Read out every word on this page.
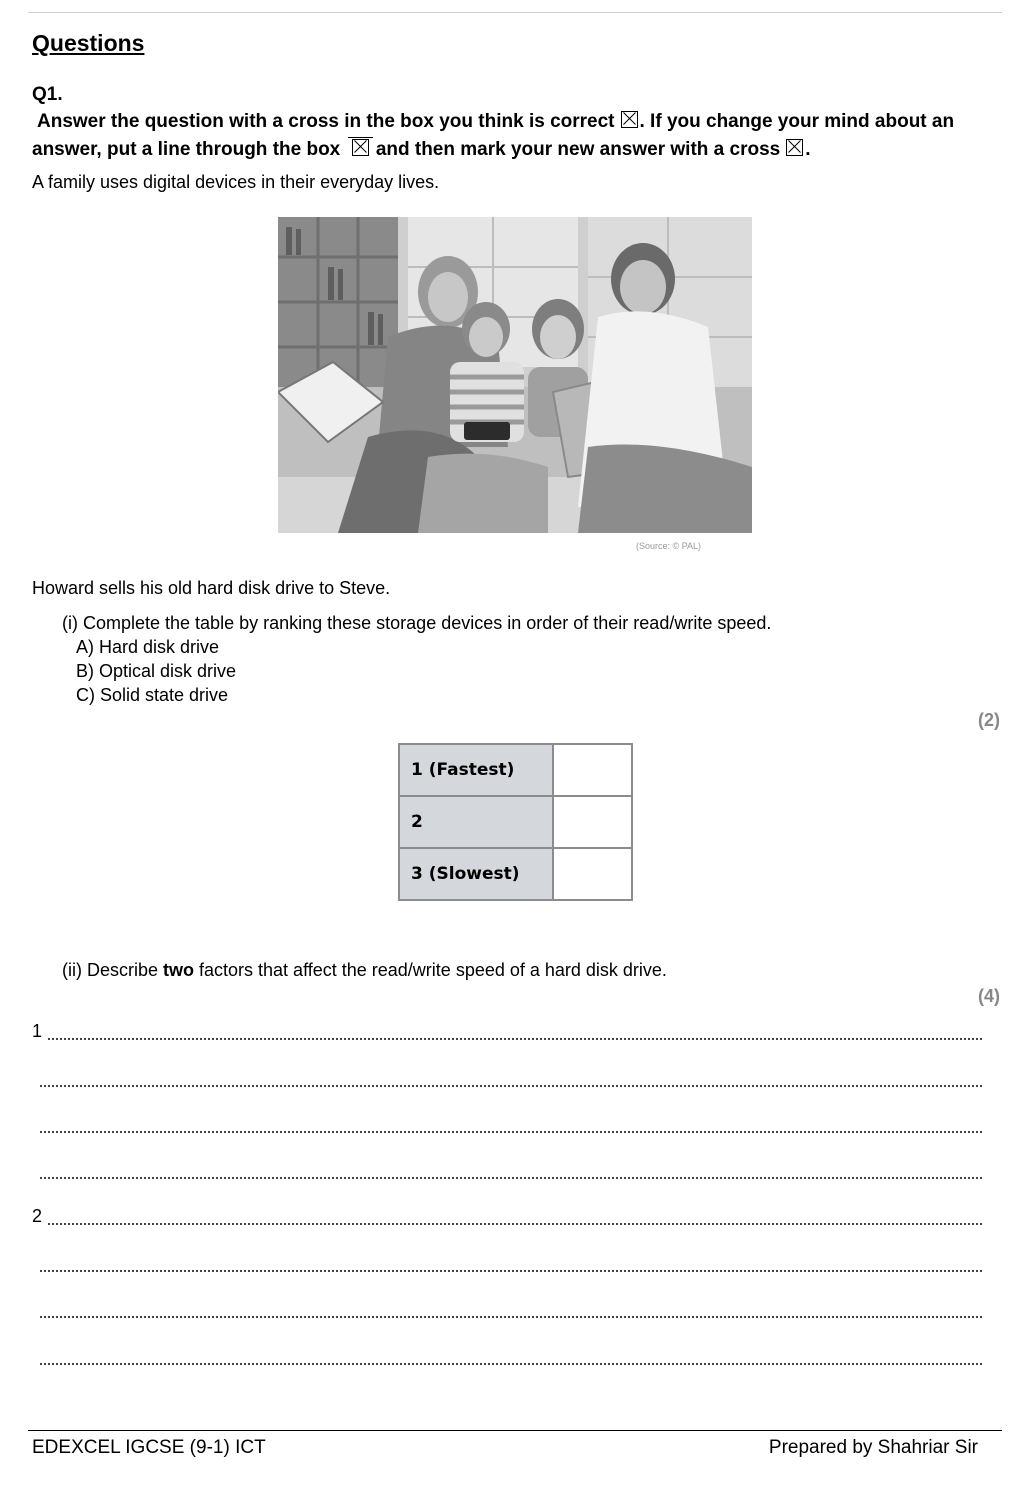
Questions
Q1.
Answer the question with a cross in the box you think is correct ☒ . If you change your mind about an answer, put a line through the box and then mark your new answer with a cross ☒ .
A family uses digital devices in their everyday lives.
(Source: © PAL)
Howard sells his old hard disk drive to Steve.
(i) Complete the table by ranking these storage devices in order of their read/write speed.
A) Hard disk drive
B) Optical disk drive
C) Solid state drive
(2)
1 (Fastest)	
2	
3 (Slowest)	
(ii) Describe two factors that affect the read/write speed of a hard disk drive.
(4)
1
2
EDEXCEL IGCSE (9-1) ICT	Prepared by Shahriar Sir
